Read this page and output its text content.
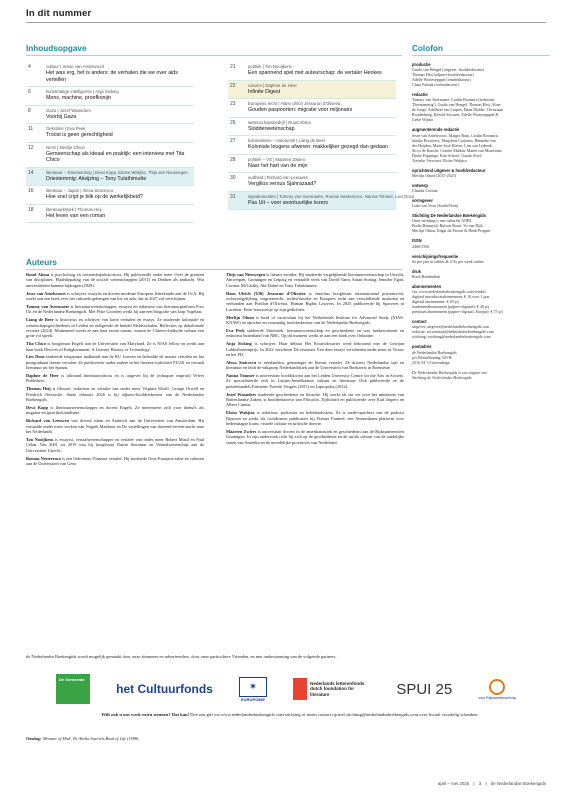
In dit nummer
Inhoudsopgave
4	cultuur | Jesse van Amelsvoort
Het was erg, het is anders: de verhalen die we over aids vertellen
6	kunstmatige intelligentie | Anja Sicking
Mens, machine, proefkonijn
8	Gaza | Jozef Waanders
Voorbij Gaza
11	Oekraïne | Eva Peek
Troost is geen gerechtigheid
12	NIAS | Merlijn Olnon
Gemeenschap als ideaal en praktijk: een interview met Tita Chico
14	literatuur – Driestemmig | Dewi Kopp, Eloïse Wakjira, Thijs van Nieuwegen
Driestemmig: Alwijzing – Tony Tulathimutte
16	literatuur – Japan | Alexa Stoicescu
Hoe snel cript je bilk op de werkelijkheid?
18	literatuurkritiek | Thomas Heij
Het leven van een roman
21	politiek | Ton Nooijkens
Een spannend spel met auteurschap: de vertaler Henkes
22	column | Daphne de Heer
Infinite Digest
23	Europees recht | Hans Ulrich Jessurun d'Oliveira
Gouden paspoorten: migratie voor miljonairs
26	wetenschapsbedrijf | Ruud Abma
Slodderwetenschap
27	kolonialisme – Indonesië | Liang de Beer
Koloniale leugens afweren: makkelijker gezegd dan gedaan
28	politiek – VS | Maarten Zwiers
Naar het hart van de mijn
30	oudheid | Richard van Leeuwen
Vergilius versus Sjahrazaad?
31	signalementen | Tommy van Avermaete, Roman Nesterenco, Nanna Timmer, Lies Dons
Pas Uit – voor avontuurlijke lezers
Colofon
productie
Guido van Hengel (uitgever, hoofdredacteur)
Thomas Heij (adjunct-hoofdredacteur)
Adelle Wortesepppel (eindredacteur)
Claus Pattink (webredacteur)
redactie
Tommy van Avermaete, Caitlin Boonstra (redacteur
'Driestemmig'), Guido van Hengel, Thomas Heij, Aline
de Jonge, Adelheid van Luipen, Daan Mulder, Christiaan
Roodenburg, Eötvöd Seyssen, Adelle Wortesepppel &
Liebe Wijnia
augmenterende redactie
Jesse van Amelsvoort, Margot Baas, Caitlin Boonstra,
Jaitske Brouwers, Marjolein Corjanus, Hanneke van
der Heijden, Marie-José Klaver, Lisa van Liebeek,
Sicco de Knecht, Cosette Malkin, Manet van Montfrans,
Djoke Poppinga, Kim Schoof, Gaudo Sisel,
Trevalar Verwoert, Eloïse Wakjira
oprichtend uitgever & hoofdredacteur
Merlijn Olnon (2015-2025)
ontwerp
Claudia Cortina
vormgever
Luke van Veen (StudioVeen)
Stichting De Nederlandse Boekengids
Onze stichting is een culturele ANBI.
Bodia Bernaysh, Rulven Boste, Vo van Dijk,
Merlijn Olnon, Edgar du Perron & Henk Pröpper
ISSN
2468-5356
verschijningsfrequentie
6x per jaar in edities & 2-3x per week online
druk
Roeli Roudenhuk
abonnementen
via: www.nederlandseboekengids.com/winkel
digitaal introductieabonnement: € 10 voor 1 jaar
digitaal abonnement: € 40 p/j
studentenabonnement (papier+digitaal): € 40 p/j
premium abonnement (papier+digitaal, Europa): € 75 p/j
contact
uitgever: uitgever@nederlandseboekengids.com
redactie: secretariaat@nederlandseboekengids.com
stichting: stichting@nederlandseboekengids.com
postadres
de Nederlandse Boekengids
p/a Filmtelkoning 520-B
2516 AT 's-Gravenhage
De Nederlandse Boekengids is een uitgave van
Stichting de Nederlandse Boekengids
Auteurs

Ruud Abma is psycholoog en wetenschapshistoricus. Hij publiceerde onder meer Over de grenzen van disciplines. Plaatsbepaling van de sociale wetenschappen (2011) en Denken als ambacht. Wat universiteiten kunnen bijdragen (2020).

Jesse van Amelsvoort is schrijver, essayist en docent moderne Europese letterkunde aan de UvA. Hij werkt aan een boek over het culturele geheugen van hiv en aids, dat in 2027 zal verschijnen.

Tommy van Avermaete is literatuurwetenschapper, essayist en redacteur van literatuurplatform Fixx Uit en de Nederlandse Boekengids. Met Fyke Goorden werkt hij aan een biografie van Jaap Vogelaar.

Liang de Beer is historicus en schrijver van korte verhalen en essays. Ze studeerde koloniale en wetenschapsgeschiedenis in Leiden en redigeerde de bundel Meldverhalen. Reflecties op dekoloniale revisies (2024). Momenteel werkt ze aan haar eerste roman, waarin de Chinees-Indische cultuur een grote rol speelt.

Tita Chico is hoogleraar Engels aan de Universiteit van Maryland. Ze is NIAS fellow en werkt aan haar boek Devices of Enlightenment: A Literary History of Technology.

Lies Dons studeerde toegepaste taalkunde aan de KU Leuven en behaalde de master vertalen en het postgraduaat literair vertalen. Ze publiceerde onder andere in het literaire tijdschrift PLUK en vertaalt literatuur uit het Spaans.

Daphne de Heer is allround literatuurcriticus en is uitgever bij de (eshuquer imprint) Velvet Publishers.

Thomas Heij is filosoof, redacteur en vertaler van onder meer Virginia Woolf, George Orwell en Friedrich Nietzsche. Sinds februari 2026 is hij adjunct-hoofdredacteur van de Nederlandse Boekengids.

Dewi Kopp is literatuurwetenschapper en docent Engels. Ze interesseert zich voor thema's als migratie en (post)kolonialisme.

Richard van Leeuwen was docent islam en Arabisch aan de Universiteit van Amsterdam. Hij vertaalde onder meer werken van Naguib Mahfouz en De vertellingen van duizend-en-een-nacht naar het Nederlands.

Ton Nooijkens is essayist, vertaalwetenschapper en vertaler van onder meer Robert Musil en Paul Celan. Van 2001 tot 2019 was hij hoogleraar Duitse literatuur en Vertaalwetenschap aan de Universiteit Utrecht.

Roman Nesterenco is een Oekraïens-Vlaamse vertaler. Hij studeerde Oost-Europese talen en culturen aan de Universiteit van Gent.

Thijs van Nieuwegen is literair vertaler. Hij studeerde vergelijkende literatuurwetenschap in Utrecht, Antwerpen, Groningen en Leipzig en vertaalde werk van David Vann, Susan Sontag, Jennifer Egan, Cormac McCarthy, Abi Dahré en Tony Tulathimutte.

Hans Ulrich (Ulli) Jessurun d'Oliveira is emeritus hoogleraar internationaal privaatrecht, rechtsvergelijking, migratierecht, rechtsfilosofie en Europees recht aan verschillende instituten en verbonden aan Praldon d'Oliveira, Human Rights Lawyers. In 2025 publiceerde hij Spaceren in Lucebert. Eeen lezersreisje op zijn gedichten.

Merlijn Olnon is head of curriculum bij het Netherlands Institute for Advanced Study (NIAS-KNAW) en opricher en voormalig hoofdredacteur van de Nederlandse Boekengids.

Eva Peek studeerde Slavistiek, literatuurwetenschap en geschiedenis en was boekrecensent en redacteur buitenland van NRC. Op dit moment werkt ze aan een boek over Oekraïne.

Anja Sicking is schrijver. Haar debuut Het Kwartokwartet werd bekroond met de Gerrijan Lubberhuizenprijs. In 2022 verscheen De visionair. Een dem essays verschenen onder meer in Trouw en het FD.

Alexa Stoicescu is neerlandica, gemanager en literair vertaler. Ze doceert Nederlandse taal en literatuur en leidt de vakgroep Nederlandistiek aan de Universiteit van Boekarest in Roemenië.

Nanna Timmer is universitair hoofddocent aan het Leiden University Centre for the Arts in Society. Ze specialiseerde zich in Latijns-Amerikaanse cultuur en literatuur. Ook publiceerde ze de poëziebundels Einsteins Tweede Vingers (2011) en Laptopolia (2012).

Jozef Waanders studeerde geschiedenis en filosofie. Hij werkt als stu ver voor het ministerie van Buitenlandse Zaken, is hoofdredacteur van Filosofie–Tijdschrift en publiceerde over Karl Jaspers en Albert Camus.

Eloïse Wakjira is redacteur, podcaster en beleidsadviseur. Ze is mede-oprichter van de podcast Dipsoon en werkt als coördinator publicaties bij Framer Framed, een Amsterdams platform voor hedendaagse kunst, visuele cultuur en kritische theorie.

Maarten Zwiers is universitair docent in de amerikanistiek en geschiedenis aan de Rijksuniversiteit Groningen. In zijn onderzoek richt hij zich op de geschiedenis en de rurale cultuur van de zuidelijke staten van Amerika en de noordelijke provincies van Nederland.

de Nederlandse Boekengids wordt mogelijk gemaakt door onze abonnees en adverteerders, door onze particuliere Vrienden, en met ondersteuning van de volgende partners:
De Gemeente
het Cultuurfonds	✶
EUROPOINE
Nederlands letterenfonds dutch foundation for literature	SPUI 25	van Rijkswetenschap
Wilt ook u ons werk extra steunen? Dat kan! Doe een gift via www.nederlandseboekengids.com/stichting of neem contact op met stichting@nederlandseboekengids.com over fiscaal voordelig schenken.
Omslag: 'Monster of Mod', Dr Abcha Swertels Book of Life (1998).
april – mei 2026 | 3 | de Nederlandse Boekengids
